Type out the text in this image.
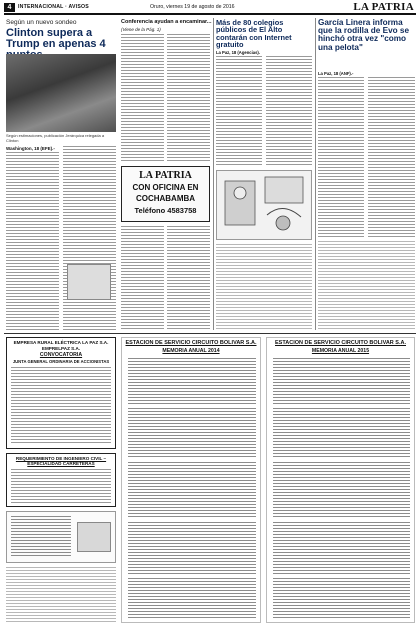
4	INTERNACIONAL · AVISOS	Oruro, viernes 19 de agosto de 2016	LA PATRIA
Según un nuevo sondeo
Clinton supera a Trump en apenas 4
Según estimaciones, publicación Jerárquica relegada a Clinton
Washington, 18 (EFE).-
Conferencia ayudan a encaminar...
(Viene de la Pág. 1)
LA PATRIA
CON OFICINA EN
COCHABAMBA
Teléfono 4583758
Más de 80 colegios públicos de El Alto contarán con Internet gratuito
La Paz, 18 (Agencias).
García Linera informa que la rodilla de Evo se hinchó otra vez "como una pelota"
La Paz, 18 (ANF).-
EMPRESA RURAL ELÉCTRICA LA PAZ S.A.
EMPRELPAZ S.A.
CONVOCATORIA
JUNTA GENERAL ORDINARIA DE ACCIONISTAS
REQUERIMIENTO DE INGENIERO CIVIL – ESPECIALIDAD CARRETERAS
ESTACION DE SERVICIO CIRCUITO BOLIVAR S.A.
MEMORIA ANUAL 2014
ESTACION DE SERVICIO CIRCUITO BOLIVAR S.A.
MEMORIA ANUAL 2015
